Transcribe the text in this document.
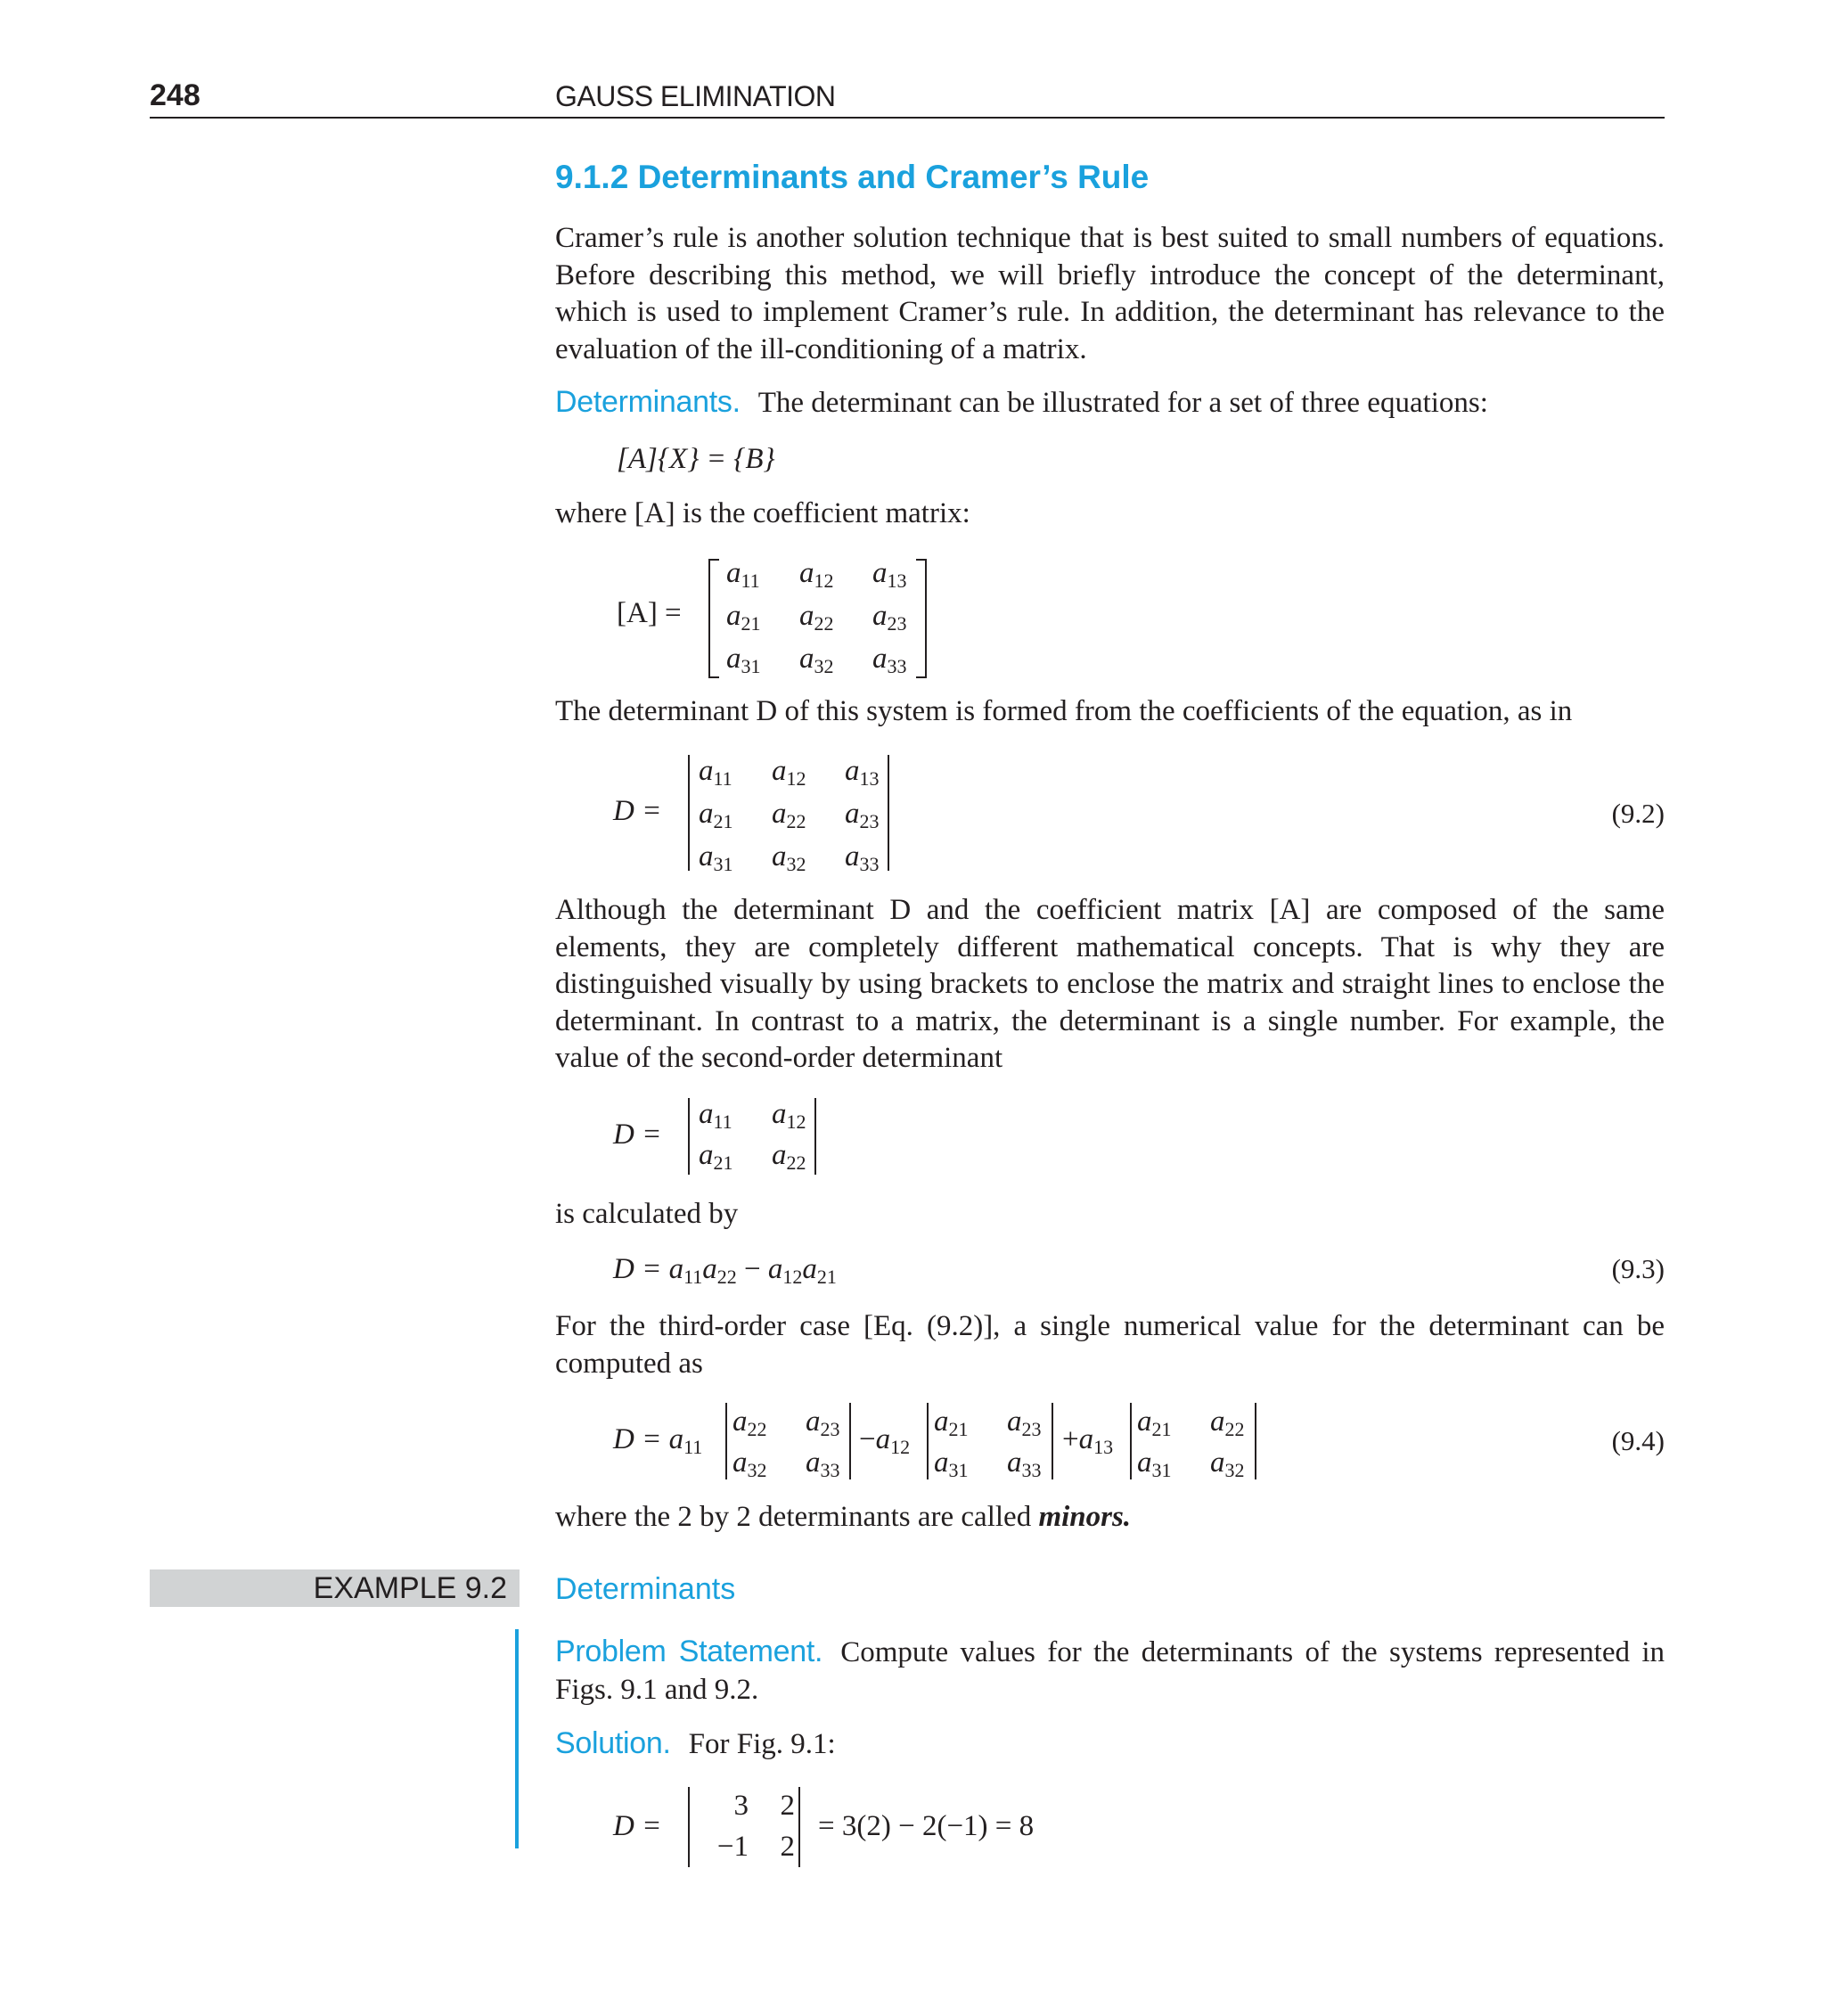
248	GAUSS ELIMINATION
9.1.2 Determinants and Cramer’s Rule

Cramer’s rule is another solution technique that is best suited to small numbers of equations. Before describing this method, we will briefly introduce the concept of the determinant, which is used to implement Cramer’s rule. In addition, the determinant has relevance to the evaluation of the ill-conditioning of a matrix.

Determinants. The determinant can be illustrated for a set of three equations:
[A]{X} = {B}
where [A] is the coefficient matrix:
[A] =
$a_{11}$	$a_{12}$	$a_{13}$
$a_{21}$	$a_{22}$	$a_{23}$
$a_{31}$	$a_{32}$	$a_{33}$
The determinant D of this system is formed from the coefficients of the equation, as in
D =
$a_{11}$	$a_{12}$	$a_{13}$
$a_{21}$	$a_{22}$	$a_{23}$
$a_{31}$	$a_{32}$	$a_{33}$
(9.2)

Although the determinant D and the coefficient matrix [A] are composed of the same elements, they are completely different mathematical concepts. That is why they are distinguished visually by using brackets to enclose the matrix and straight lines to enclose the determinant. In contrast to a matrix, the determinant is a single number. For example, the value of the second-order determinant

D =
$a_{11}$	$a_{12}$
$a_{21}$	$a_{22}$
is calculated by
$D = a_{11}a_{22} - a_{12}a_{21}$	(9.3)

For the third-order case [Eq. (9.2)], a single numerical value for the determinant can be computed as

$D = a_{11}$
$a_{22}$	$a_{23}$
$a_{32}$	$a_{33}$
$-a_{12}$
$a_{21}$	$a_{23}$
$a_{31}$	$a_{33}$
$+a_{13}$
$a_{21}$	$a_{22}$
$a_{31}$	$a_{32}$
(9.4)
where the 2 by 2 determinants are called minors.
EXAMPLE 9.2 Determinants

Problem Statement. Compute values for the determinants of the systems represented in Figs. 9.1 and 9.2.

Solution. For Fig. 9.1:
D =
3	2
−1	2
= 3(2) − 2(−1) = 8
